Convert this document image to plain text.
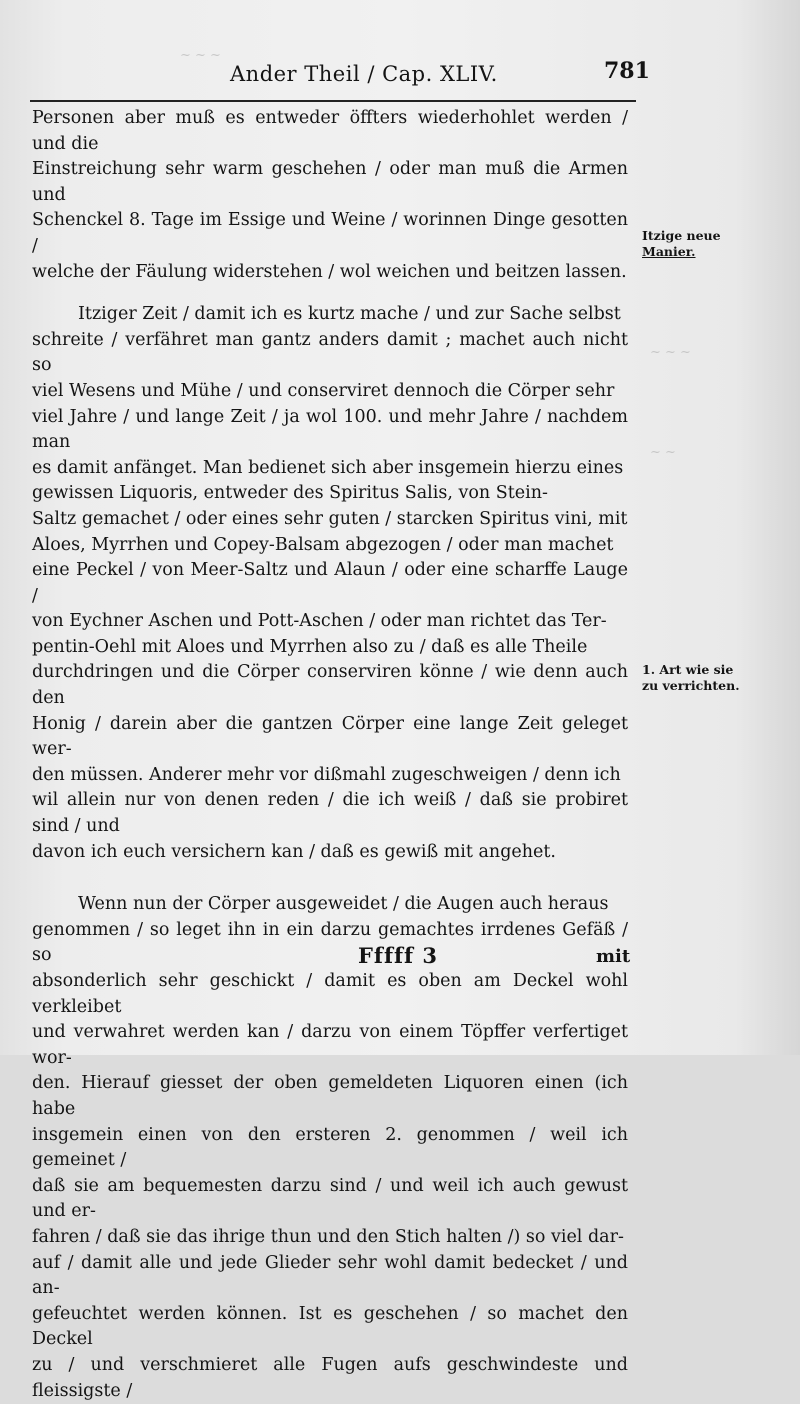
~ ~ ~
Ander Theil / Cap. XLIV.	781

Personen aber muß es entweder öffters wiederhohlet werden / und die
Einstreichung sehr warm geschehen / oder man muß die Armen und
Schenckel 8. Tage im Essige und Weine / worinnen Dinge gesotten /
welche der Fäulung widerstehen / wol weichen und beitzen lassen.

Itziger Zeit / damit ich es kurtz mache / und zur Sache selbst
schreite / verfähret man gantz anders damit ; machet auch nicht so
viel Wesens und Mühe / und conserviret dennoch die Cörper sehr
viel Jahre / und lange Zeit / ja wol 100. und mehr Jahre / nachdem man
es damit anfänget. Man bedienet sich aber insgemein hierzu eines
gewissen Liquoris, entweder des Spiritus Salis, von Stein-
Saltz gemachet / oder eines sehr guten / starcken Spiritus vini, mit
Aloes, Myrrhen und Copey-Balsam abgezogen / oder man machet
eine Peckel / von Meer-Saltz und Alaun / oder eine scharffe Lauge /
von Eychner Aschen und Pott-Aschen / oder man richtet das Ter-
pentin-Oehl mit Aloes und Myrrhen also zu / daß es alle Theile
durchdringen und die Cörper conserviren könne / wie denn auch den
Honig / darein aber die gantzen Cörper eine lange Zeit geleget wer-
den müssen. Anderer mehr vor dißmahl zugeschweigen / denn ich
wil allein nur von denen reden / die ich weiß / daß sie probiret sind / und
davon ich euch versichern kan / daß es gewiß mit angehet.

Wenn nun der Cörper ausgeweidet / die Augen auch heraus
genommen / so leget ihn in ein darzu gemachtes irrdenes Gefäß / so
absonderlich sehr geschickt / damit es oben am Deckel wohl verkleibet
und verwahret werden kan / darzu von einem Töpffer verfertiget wor-
den. Hierauf giesset der oben gemeldeten Liquoren einen (ich habe
insgemein einen von den ersteren 2. genommen / weil ich gemeinet /
daß sie am bequemesten darzu sind / und weil ich auch gewust und er-
fahren / daß sie das ihrige thun und den Stich halten /) so viel dar-
auf / damit alle und jede Glieder sehr wohl damit bedecket / und an-
gefeuchtet werden können. Ist es geschehen / so machet den Deckel
zu / und verschmieret alle Fugen aufs geschwindeste und fleissigste /

Itzige neue
Manier.
1. Art wie sie
zu verrichten.
~ ~ ~
~ ~
Fffff 3	mit
